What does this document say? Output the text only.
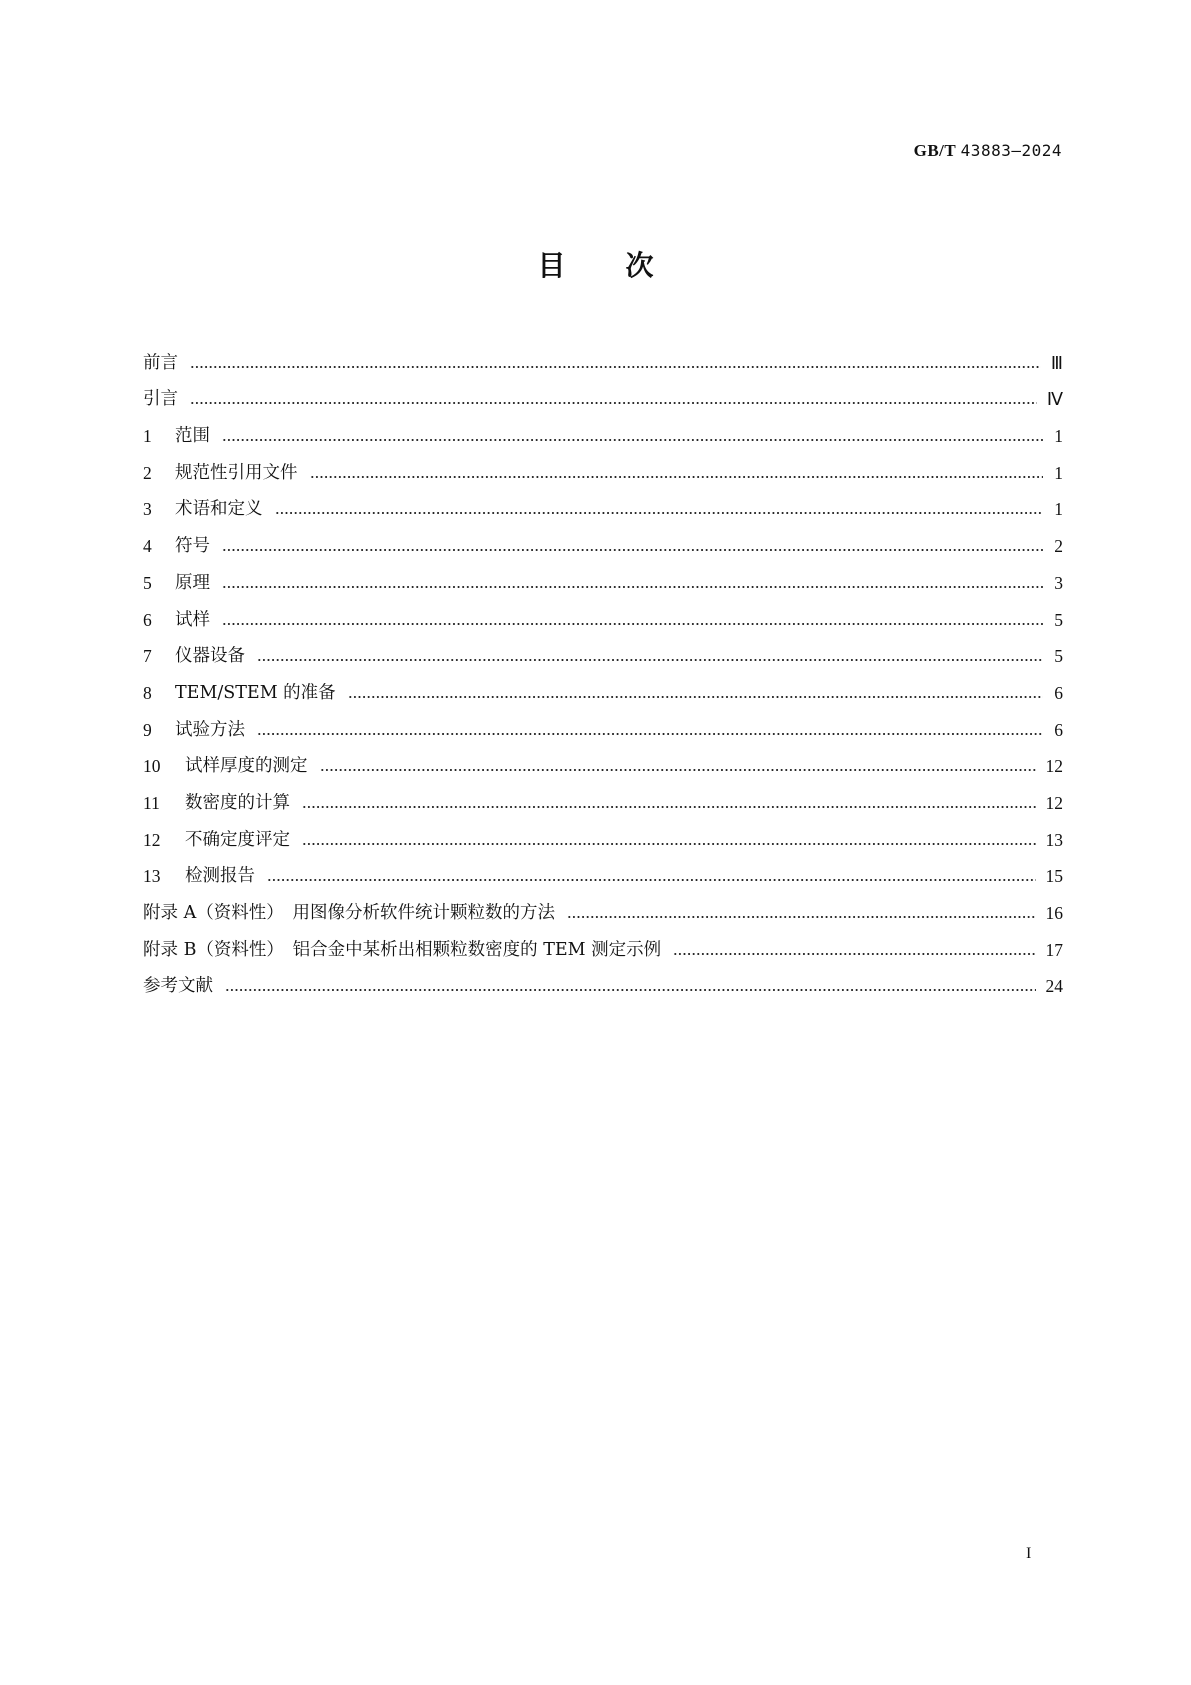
GB/T 43883—2024
目 次
前言	Ⅲ
引言	Ⅳ
1	范围	1
2	规范性引用文件	1
3	术语和定义	1
4	符号	2
5	原理	3
6	试样	5
7	仪器设备	5
8	TEM/STEM 的准备	6
9	试验方法	6
10	试样厚度的测定	12
11	数密度的计算	12
12	不确定度评定	13
13	检测报告	15
附录 A（资料性）　用图像分析软件统计颗粒数的方法	16
附录 B（资料性）　铝合金中某析出相颗粒数密度的 TEM 测定示例	17
参考文献	24
I
